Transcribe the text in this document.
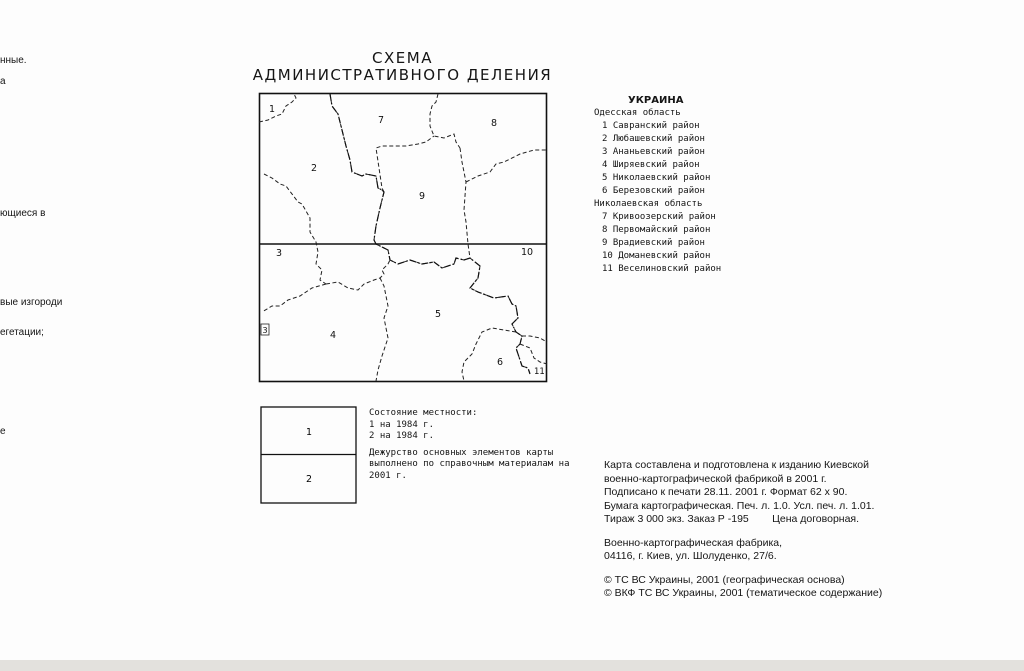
нные.
а
ющиеся в
вые изгороди
егетации;
е
СХЕМА
АДМИНИСТРАТИВНОГО ДЕЛЕНИЯ
1
2
3
3	4
5
6
7	8
9
10
11
УКРАИНА
Одесская область
1 Савранский район
2 Любашевский район
3 Ананьевский район
4 Ширяевский район
5 Николаевский район
6 Березовский район
Николаевская область
7 Кривоозерский район
8 Первомайский район
9 Врадиевский район
10 Доманевский район
11 Веселиновский район
1
2
Состояние местности:
1 на 1984 г.
2 на 1984 г.
Дежурство основных элементов карты выполнено по справочным материалам на 2001 г.
Карта составлена и подготовлена к изданию Киевской
военно-картографической фабрикой в 2001 г.
Подписано к печати 28.11. 2001 г. Формат 62 х 90.
Бумага картографическая. Печ. л. 1.0. Усл. печ. л. 1.01.
Тираж 3 000 экз. Заказ Р -195        Цена договорная.
Военно-картографическая фабрика,
04116, г. Киев, ул. Шолуденко, 27/6.
© ТС ВС Украины, 2001 (географическая основа)
© ВКФ ТС ВС Украины, 2001 (тематическое содержание)
